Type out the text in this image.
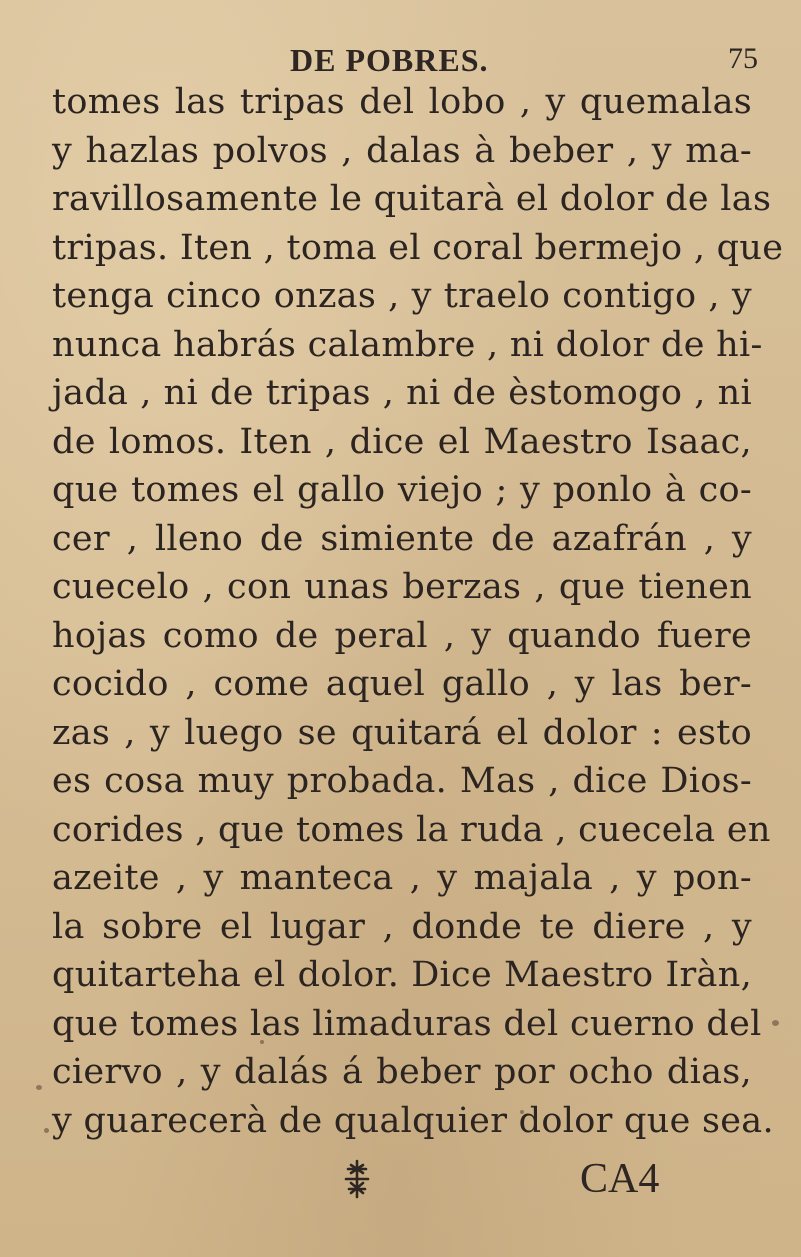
DE POBRES.	75
tomes las tripas del lobo , y quemalas
y hazlas polvos , dalas à beber , y ma-
ravillosamente le quitarà el dolor de las
tripas. Iten , toma el coral bermejo , que
tenga cinco onzas , y traelo contigo , y
nunca habrás calambre , ni dolor de hi-
jada , ni de tripas , ni de èstomogo , ni
de lomos. Iten , dice el Maestro Isaac,
que tomes el gallo viejo ; y ponlo à co-
cer , lleno de simiente de azafrán , y
cuecelo , con unas berzas , que tienen
hojas como de peral , y quando fuere
cocido , come aquel gallo , y las ber-
zas , y luego se quitará el dolor : esto
es cosa muy probada. Mas , dice Dios-
corides , que tomes la ruda , cuecela en
azeite , y manteca , y majala , y pon-
la sobre el lugar , donde te diere , y
quitarteha el dolor. Dice Maestro Iràn,
que tomes las limaduras del cuerno del
ciervo , y dalás á beber por ocho dias,
y guarecerà de qualquier dolor que sea.
CA4
